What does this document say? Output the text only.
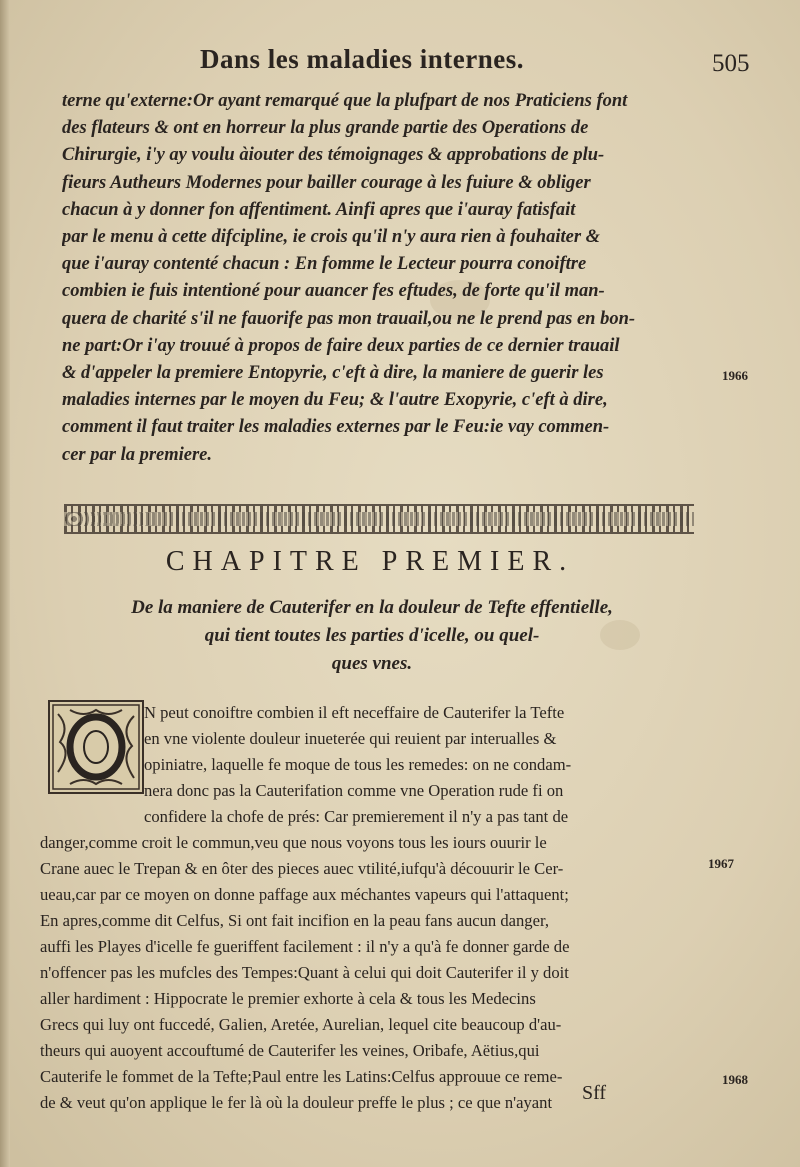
Dans les maladies internes.	505
terne qu'externe:Or ayant remarqué que la plufpart de nos Praticiens font
des flateurs & ont en horreur la plus grande partie des Operations de
Chirurgie, i'y ay voulu àiouter des témoignages & approbations de plu-
fieurs Autheurs Modernes pour bailler courage à les fuiure & obliger
chacun à y donner fon affentiment. Ainfi apres que i'auray fatisfait
par le menu à cette difcipline, ie crois qu'il n'y aura rien à fouhaiter &
que i'auray contenté chacun : En fomme le Lecteur pourra conoiftre
combien ie fuis intentioné pour auancer fes eftudes, de forte qu'il man-
quera de charité s'il ne fauorife pas mon trauail,ou ne le prend pas en bon-
ne part:Or i'ay trouué à propos de faire deux parties de ce dernier trauail
& d'appeler la premiere Entopyrie, c'eft à dire, la maniere de guerir les
maladies internes par le moyen du Feu; & l'autre Exopyrie, c'eft à dire,
comment il faut traiter les maladies externes par le Feu:ie vay commen-
cer par la premiere.
1966
1967
1968
CHAPITRE PREMIER.
De la maniere de Cauterifer en la douleur de Tefte effentielle,
qui tient toutes les parties d'icelle, ou quel-
ques vnes.
N peut conoiftre combien il eft neceffaire de Cauterifer la Tefte
en vne violente douleur inueterée qui reuient par interualles &
opiniatre, laquelle fe moque de tous les remedes: on ne condam-
nera donc pas la Cauterifation comme vne Operation rude fi on
confidere la chofe de prés: Car premierement il n'y a pas tant de
danger,comme croit le commun,veu que nous voyons tous les iours ouurir le
Crane auec le Trepan & en ôter des pieces auec vtilité,iufqu'à découurir le Cer-
ueau,car par ce moyen on donne paffage aux méchantes vapeurs qui l'attaquent;
En apres,comme dit Celfus, Si ont fait incifion en la peau fans aucun danger,
auffi les Playes d'icelle fe gueriffent facilement : il n'y a qu'à fe donner garde de
n'offencer pas les mufcles des Tempes:Quant à celui qui doit Cauterifer il y doit
aller hardiment : Hippocrate le premier exhorte à cela & tous les Medecins
Grecs qui luy ont fuccedé, Galien, Aretée, Aurelian, lequel cite beaucoup d'au-
theurs qui auoyent accouftumé de Cauterifer les veines, Oribafe, Aëtius,qui
Cauterife le fommet de la Tefte;Paul entre les Latins:Celfus approuue ce reme-
de & veut qu'on applique le fer là où la douleur preffe le plus ; ce que n'ayant	Sff
